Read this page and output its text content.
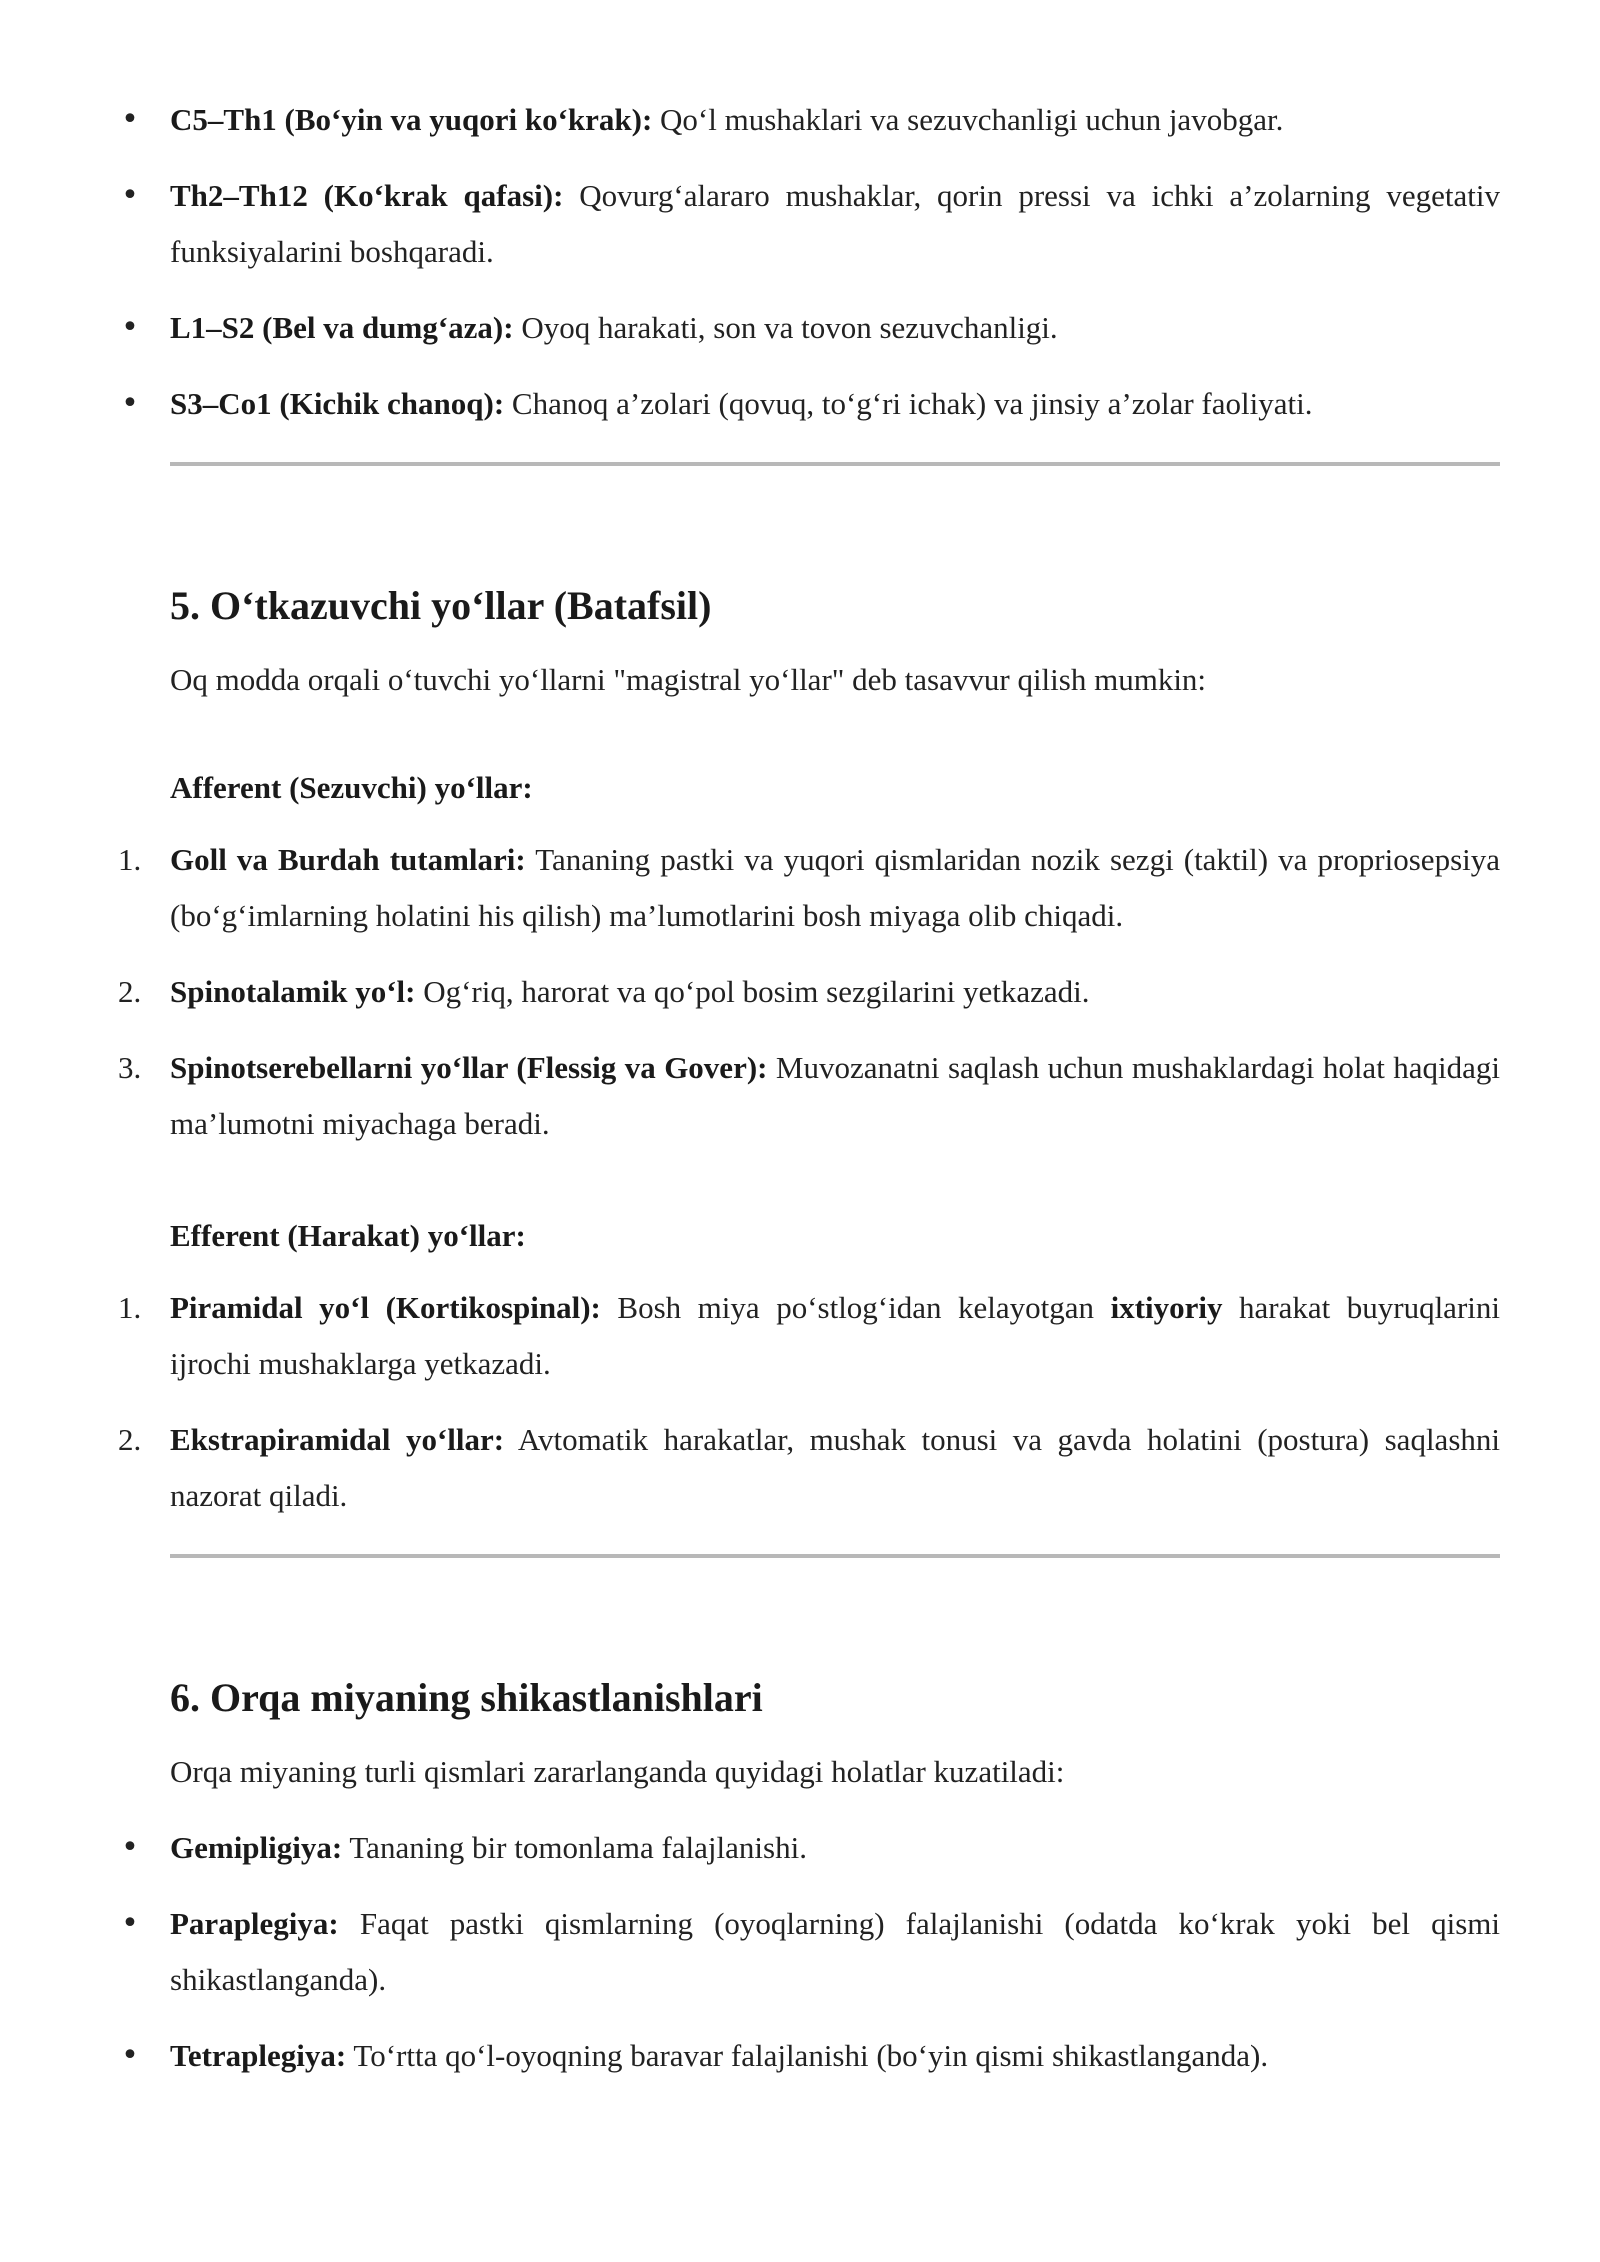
• C5–Th1 (Bo‘yin va yuqori ko‘krak): Qo‘l mushaklari va sezuvchanligi uchun javobgar.
• Th2–Th12 (Ko‘krak qafasi): Qovurg‘alararo mushaklar, qorin pressi va ichki a’zolarning vegetativ funksiyalarini boshqaradi.
• L1–S2 (Bel va dumg‘aza): Oyoq harakati, son va tovon sezuvchanligi.
• S3–Co1 (Kichik chanoq): Chanoq a’zolari (qovuq, to‘g‘ri ichak) va jinsiy a’zolar faoliyati.
5. O‘tkazuvchi yo‘llar (Batafsil)

Oq modda orqali o‘tuvchi yo‘llarni "magistral yo‘llar" deb tasavvur qilish mumkin:

Afferent (Sezuvchi) yo‘llar:

1. Goll va Burdah tutamlari: Tananing pastki va yuqori qismlaridan nozik sezgi (taktil) va propriosepsiya (bo‘g‘imlarning holatini his qilish) ma’lumotlarini bosh miyaga olib chiqadi.
2. Spinotalamik yo‘l: Og‘riq, harorat va qo‘pol bosim sezgilarini yetkazadi.
3. Spinotserebellarni yo‘llar (Flessig va Gover): Muvozanatni saqlash uchun mushaklardagi holat haqidagi ma’lumotni miyachaga beradi.

Efferent (Harakat) yo‘llar:

1. Piramidal yo‘l (Kortikospinal): Bosh miya po‘stlog‘idan kelayotgan ixtiyoriy harakat buyruqlarini ijrochi mushaklarga yetkazadi.
2. Ekstrapiramidal yo‘llar: Avtomatik harakatlar, mushak tonusi va gavda holatini (postura) saqlashni nazorat qiladi.
6. Orqa miyaning shikastlanishlari

Orqa miyaning turli qismlari zararlanganda quyidagi holatlar kuzatiladi:

• Gemipligiya: Tananing bir tomonlama falajlanishi.
• Paraplegiya: Faqat pastki qismlarning (oyoqlarning) falajlanishi (odatda ko‘krak yoki bel qismi shikastlanganda).
• Tetraplegiya: To‘rtta qo‘l-oyoqning baravar falajlanishi (bo‘yin qismi shikastlanganda).
